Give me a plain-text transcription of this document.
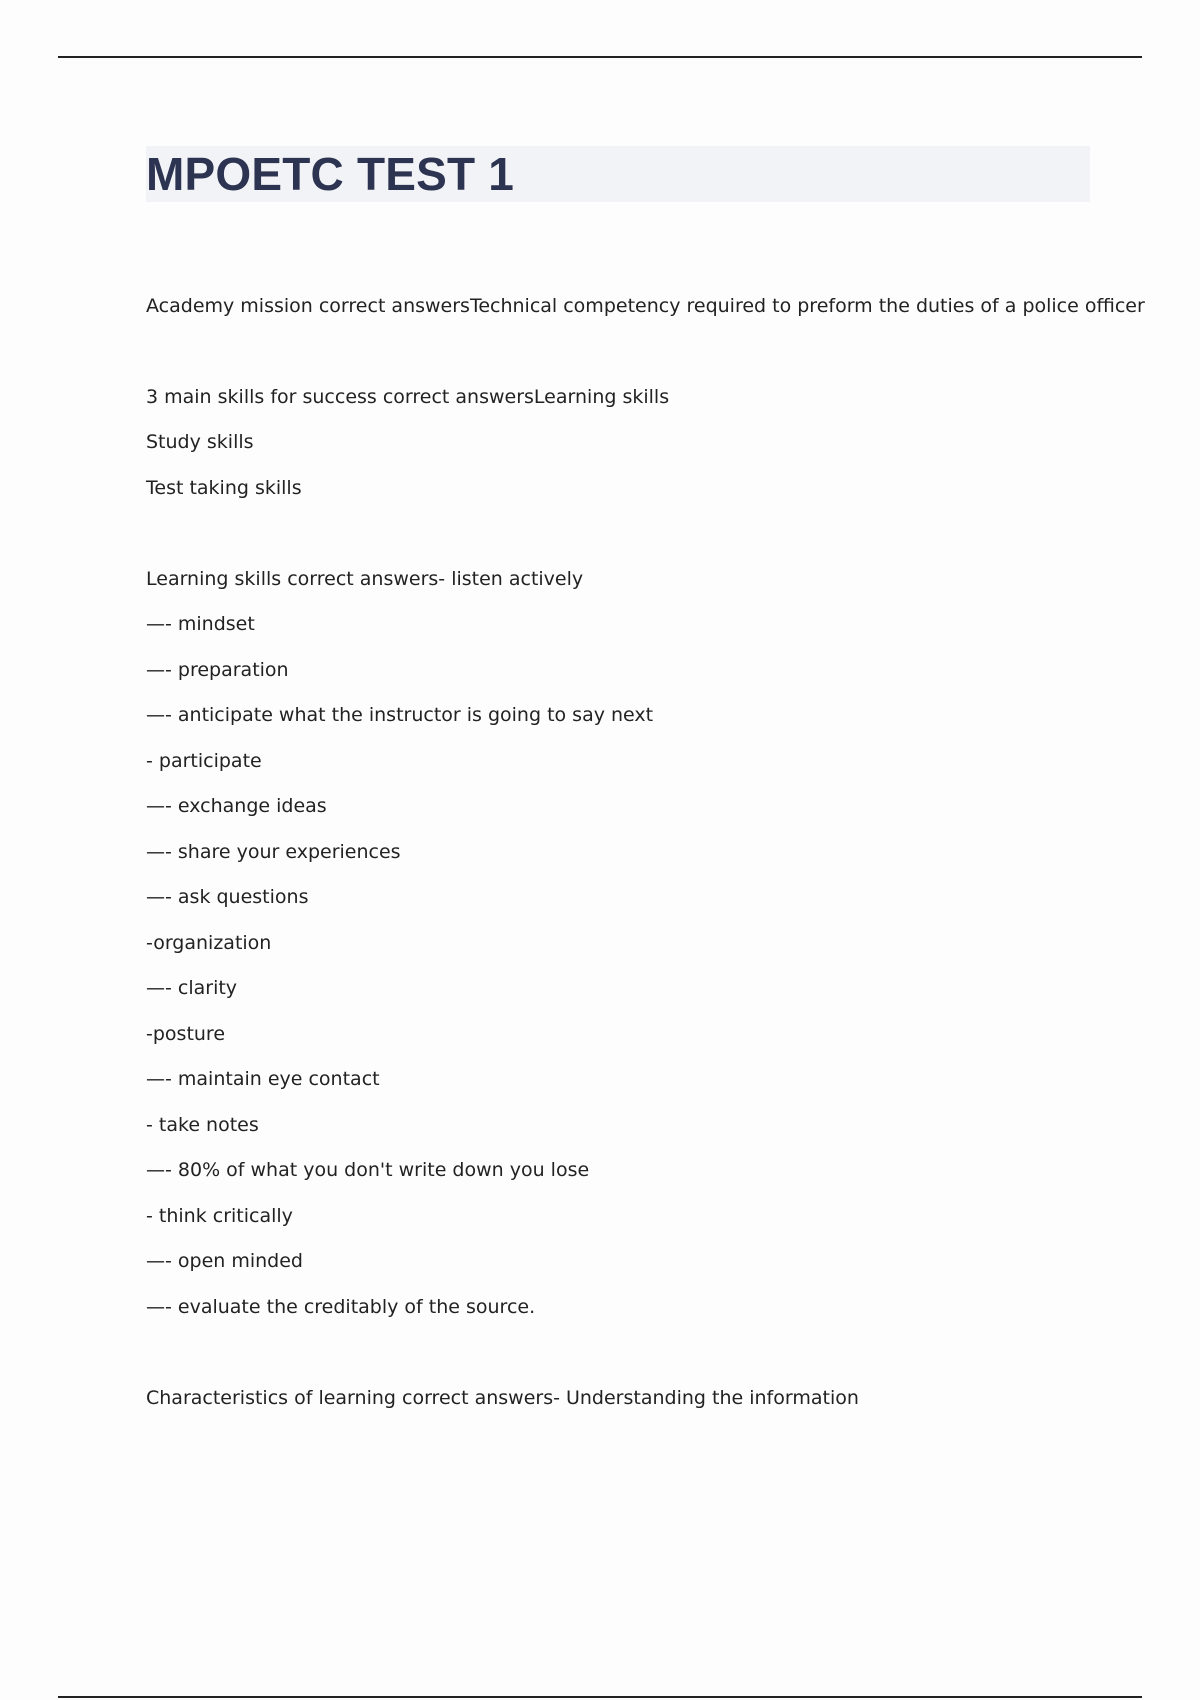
MPOETC TEST 1
Academy mission correct answersTechnical competency required to preform the duties of a police officer
3 main skills for success correct answersLearning skills
Study skills
Test taking skills
Learning skills correct answers- listen actively
—- mindset
—- preparation
—- anticipate what the instructor is going to say next
- participate
—- exchange ideas
—- share your experiences
—- ask questions
-organization
—- clarity
-posture
—- maintain eye contact
- take notes
—- 80% of what you don't write down you lose
- think critically
—- open minded
—- evaluate the creditably of the source.
Characteristics of learning correct answers- Understanding the information
